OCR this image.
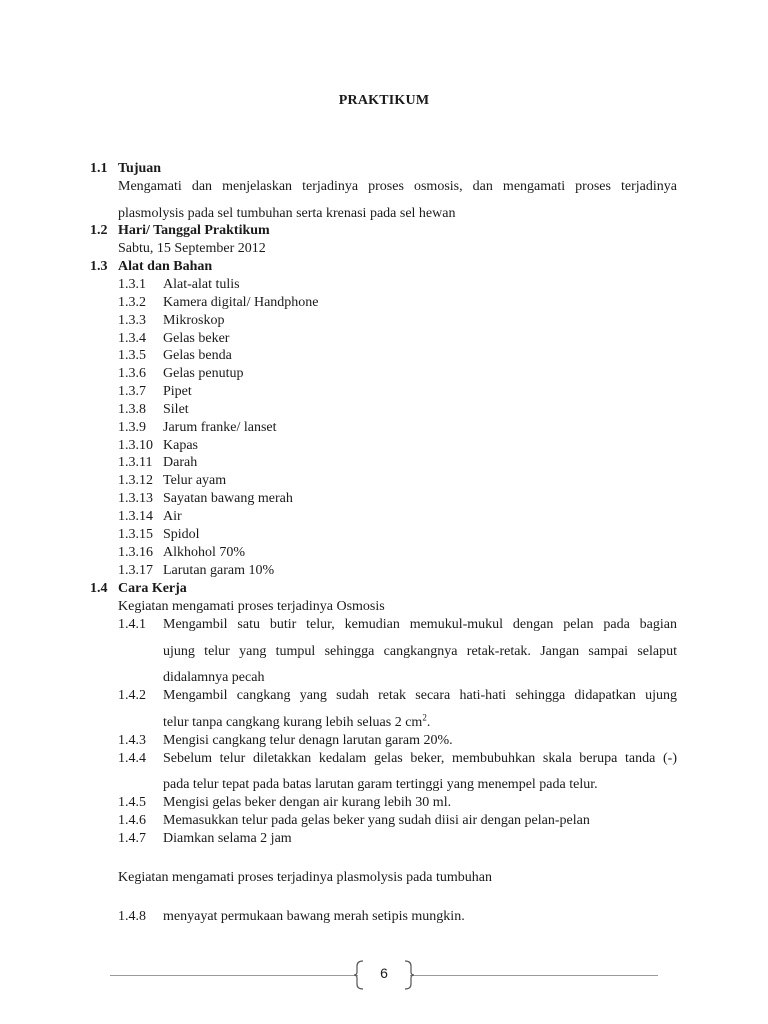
PRAKTIKUM
1.1 Tujuan
Mengamati dan menjelaskan terjadinya proses osmosis, dan mengamati proses terjadinya
plasmolysis pada sel tumbuhan serta krenasi pada sel hewan
1.2 Hari/ Tanggal Praktikum
Sabtu, 15 September 2012
1.3 Alat dan Bahan
1.3.1 Alat-alat tulis
1.3.2 Kamera digital/ Handphone
1.3.3 Mikroskop
1.3.4 Gelas beker
1.3.5 Gelas benda
1.3.6 Gelas penutup
1.3.7 Pipet
1.3.8 Silet
1.3.9 Jarum franke/ lanset
1.3.10 Kapas
1.3.11 Darah
1.3.12 Telur ayam
1.3.13 Sayatan bawang merah
1.3.14 Air
1.3.15 Spidol
1.3.16 Alkhohol 70%
1.3.17 Larutan garam 10%
1.4 Cara Kerja
Kegiatan mengamati proses terjadinya Osmosis
1.4.1 Mengambil satu butir telur, kemudian memukul-mukul dengan pelan pada bagian
ujung telur yang tumpul sehingga cangkangnya retak-retak. Jangan sampai selaput
didalamnya pecah
1.4.2 Mengambil cangkang yang sudah retak secara hati-hati sehingga didapatkan ujung
telur tanpa cangkang kurang lebih seluas 2 $cm^2$.
1.4.3 Mengisi cangkang telur denagn larutan garam 20%.
1.4.4 Sebelum telur diletakkan kedalam gelas beker, membubuhkan skala berupa tanda (-)
pada telur tepat pada batas larutan garam tertinggi yang menempel pada telur.
1.4.5 Mengisi gelas beker dengan air kurang lebih 30 ml.
1.4.6 Memasukkan telur pada gelas beker yang sudah diisi air dengan pelan-pelan
1.4.7 Diamkan selama 2 jam
Kegiatan mengamati proses terjadinya plasmolysis pada tumbuhan
1.4.8 menyayat permukaan bawang merah setipis mungkin.
6
